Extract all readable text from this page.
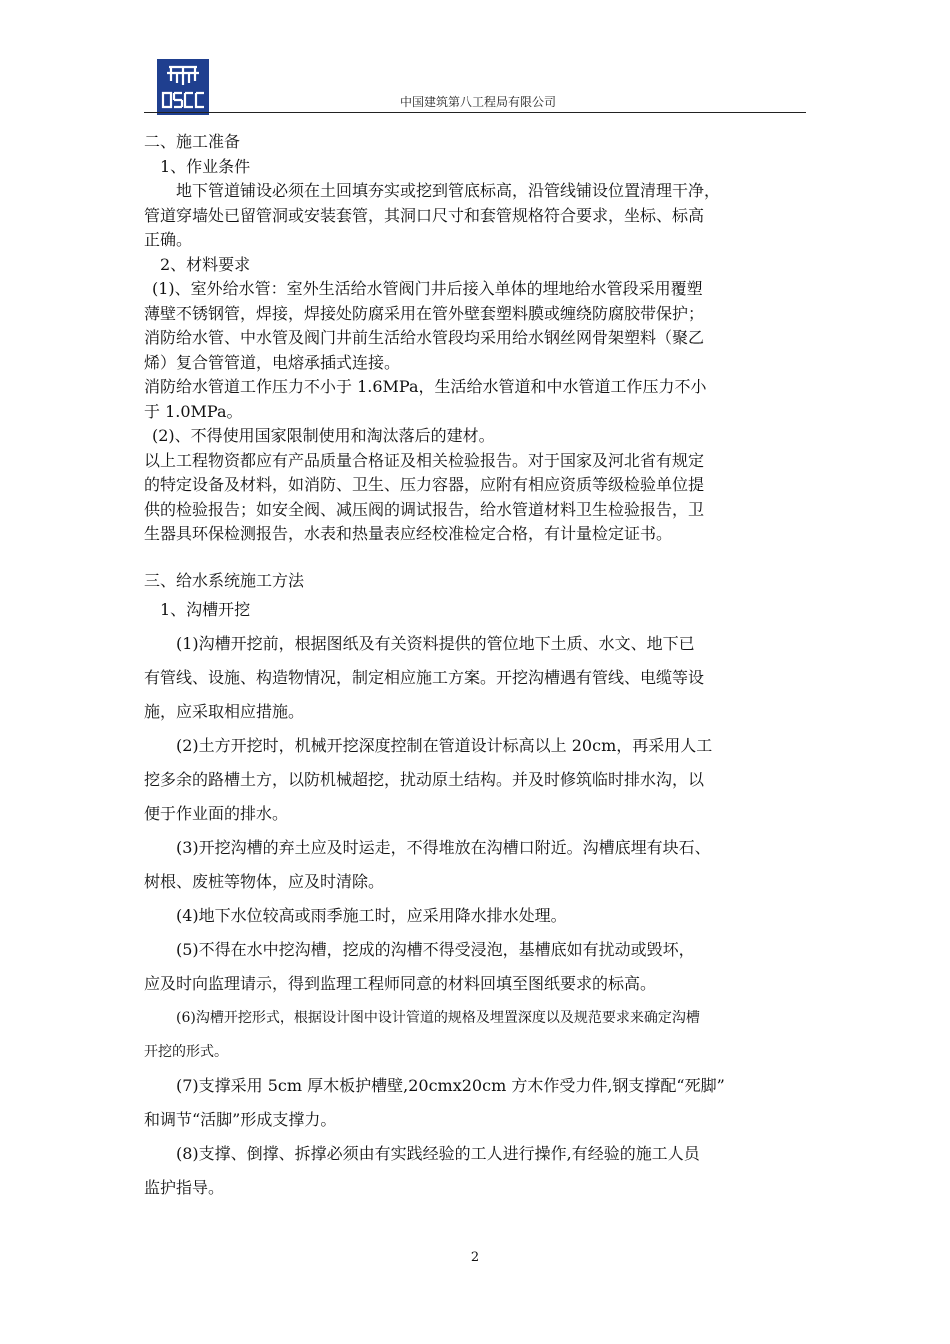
中国建筑第八工程局有限公司
二、施工准备
1、作业条件
地下管道铺设必须在土回填夯实或挖到管底标高，沿管线铺设位置清理干净，
管道穿墙处已留管洞或安装套管，其洞口尺寸和套管规格符合要求，坐标、标高
正确。
2、材料要求
(1)、室外给水管：室外生活给水管阀门井后接入单体的埋地给水管段采用覆塑
薄壁不锈钢管，焊接，焊接处防腐采用在管外壁套塑料膜或缠绕防腐胶带保护；
消防给水管、中水管及阀门井前生活给水管段均采用给水钢丝网骨架塑料（聚乙
烯）复合管管道，电熔承插式连接。
消防给水管道工作压力不小于 1.6MPa，生活给水管道和中水管道工作压力不小
于 1.0MPa。
(2)、不得使用国家限制使用和淘汰落后的建材。
以上工程物资都应有产品质量合格证及相关检验报告。对于国家及河北省有规定
的特定设备及材料，如消防、卫生、压力容器，应附有相应资质等级检验单位提
供的检验报告；如安全阀、减压阀的调试报告，给水管道材料卫生检验报告，卫
生器具环保检测报告，水表和热量表应经校准检定合格，有计量检定证书。
三、给水系统施工方法
1、沟槽开挖
(1)沟槽开挖前，根据图纸及有关资料提供的管位地下土质、水文、地下已
有管线、设施、构造物情况，制定相应施工方案。开挖沟槽遇有管线、电缆等设
施，应采取相应措施。
(2)土方开挖时，机械开挖深度控制在管道设计标高以上 20cm，再采用人工
挖多余的路槽土方，以防机械超挖，扰动原土结构。并及时修筑临时排水沟，以
便于作业面的排水。
(3)开挖沟槽的弃土应及时运走，不得堆放在沟槽口附近。沟槽底埋有块石、
树根、废桩等物体，应及时清除。
(4)地下水位较高或雨季施工时，应采用降水排水处理。
(5)不得在水中挖沟槽，挖成的沟槽不得受浸泡，基槽底如有扰动或毁坏，
应及时向监理请示，得到监理工程师同意的材料回填至图纸要求的标高。
(6)沟槽开挖形式，根据设计图中设计管道的规格及埋置深度以及规范要求来确定沟槽
开挖的形式。
(7)支撑采用 5cm 厚木板护槽壁,20cmx20cm 方木作受力件,钢支撑配“死脚”
和调节“活脚”形成支撑力。
(8)支撑、倒撑、拆撑必须由有实践经验的工人进行操作,有经验的施工人员
监护指导。
2
